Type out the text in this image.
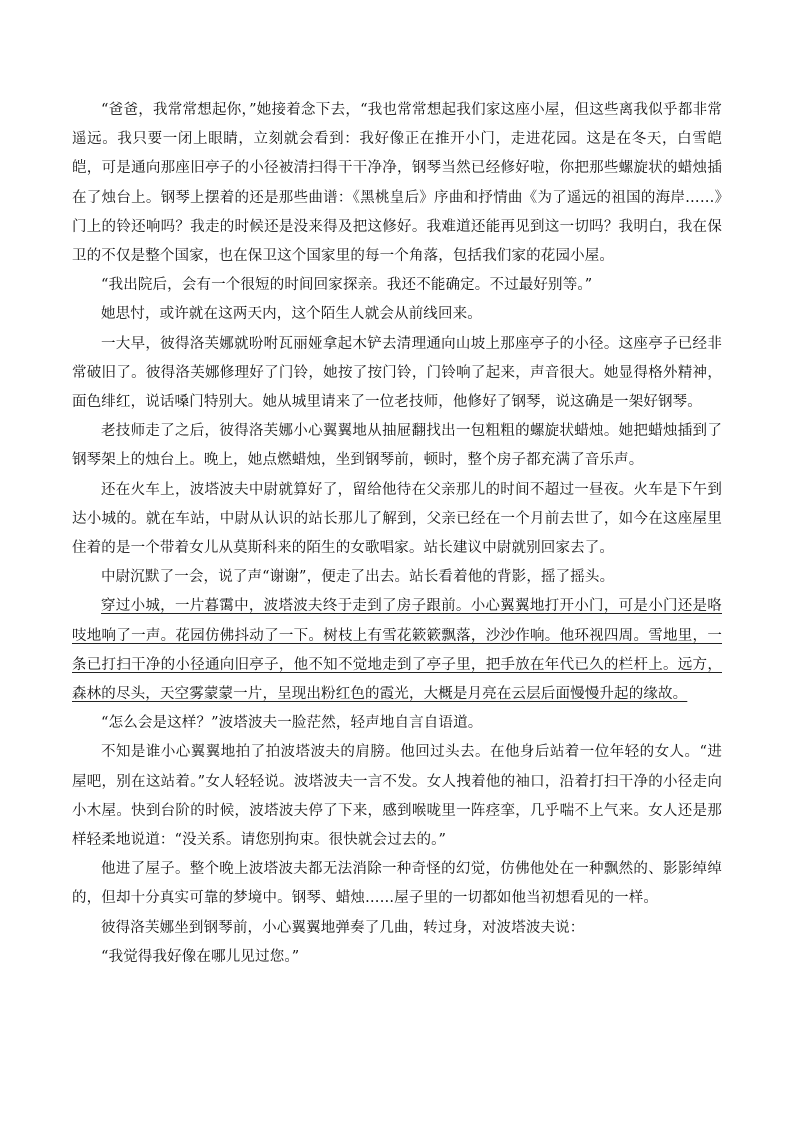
“爸爸，我常常想起你，”她接着念下去，“我也常常想起我们家这座小屋，但这些离我似乎都非常遥远。我只要一闭上眼睛，立刻就会看到：我好像正在推开小门，走进花园。这是在冬天，白雪皑皑，可是通向那座旧亭子的小径被清扫得干干净净，钢琴当然已经修好啦，你把那些螺旋状的蜡烛插在了烛台上。钢琴上摆着的还是那些曲谱：《黑桃皇后》序曲和抒情曲《为了遥远的祖国的海岸……》门上的铃还响吗？我走的时候还是没来得及把这修好。我难道还能再见到这一切吗？我明白，我在保卫的不仅是整个国家，也在保卫这个国家里的每一个角落，包括我们家的花园小屋。

“我出院后，会有一个很短的时间回家探亲。我还不能确定。不过最好别等。”

她思忖，或许就在这两天内，这个陌生人就会从前线回来。

一大早，彼得洛芙娜就吩咐瓦丽娅拿起木铲去清理通向山坡上那座亭子的小径。这座亭子已经非常破旧了。彼得洛芙娜修理好了门铃，她按了按门铃，门铃响了起来，声音很大。她显得格外精神，面色绯红，说话嗓门特别大。她从城里请来了一位老技师，他修好了钢琴，说这确是一架好钢琴。

老技师走了之后，彼得洛芙娜小心翼翼地从抽屉翻找出一包粗粗的螺旋状蜡烛。她把蜡烛插到了钢琴架上的烛台上。晚上，她点燃蜡烛，坐到钢琴前，顿时，整个房子都充满了音乐声。

还在火车上，波塔波夫中尉就算好了，留给他待在父亲那儿的时间不超过一昼夜。火车是下午到达小城的。就在车站，中尉从认识的站长那儿了解到，父亲已经在一个月前去世了，如今在这座屋里住着的是一个带着女儿从莫斯科来的陌生的女歌唱家。站长建议中尉就别回家去了。

中尉沉默了一会，说了声“谢谢”，便走了出去。站长看着他的背影，摇了摇头。

穿过小城，一片暮霭中，波塔波夫终于走到了房子跟前。小心翼翼地打开小门，可是小门还是咯吱地响了一声。花园仿佛抖动了一下。树枝上有雪花簌簌飘落，沙沙作响。他环视四周。雪地里，一条已打扫干净的小径通向旧亭子，他不知不觉地走到了亭子里，把手放在年代已久的栏杆上。远方，森林的尽头，天空雾蒙蒙一片，呈现出粉红色的霞光，大概是月亮在云层后面慢慢升起的缘故。

“怎么会是这样？”波塔波夫一脸茫然，轻声地自言自语道。

不知是谁小心翼翼地拍了拍波塔波夫的肩膀。他回过头去。在他身后站着一位年轻的女人。“进屋吧，别在这站着。”女人轻轻说。波塔波夫一言不发。女人拽着他的袖口，沿着打扫干净的小径走向小木屋。快到台阶的时候，波塔波夫停了下来，感到喉咙里一阵痉挛，几乎喘不上气来。女人还是那样轻柔地说道：“没关系。请您别拘束。很快就会过去的。”

他进了屋子。整个晚上波塔波夫都无法消除一种奇怪的幻觉，仿佛他处在一种飘然的、影影绰绰的，但却十分真实可靠的梦境中。钢琴、蜡烛……屋子里的一切都如他当初想看见的一样。

彼得洛芙娜坐到钢琴前，小心翼翼地弹奏了几曲，转过身，对波塔波夫说：

“我觉得我好像在哪儿见过您。”
